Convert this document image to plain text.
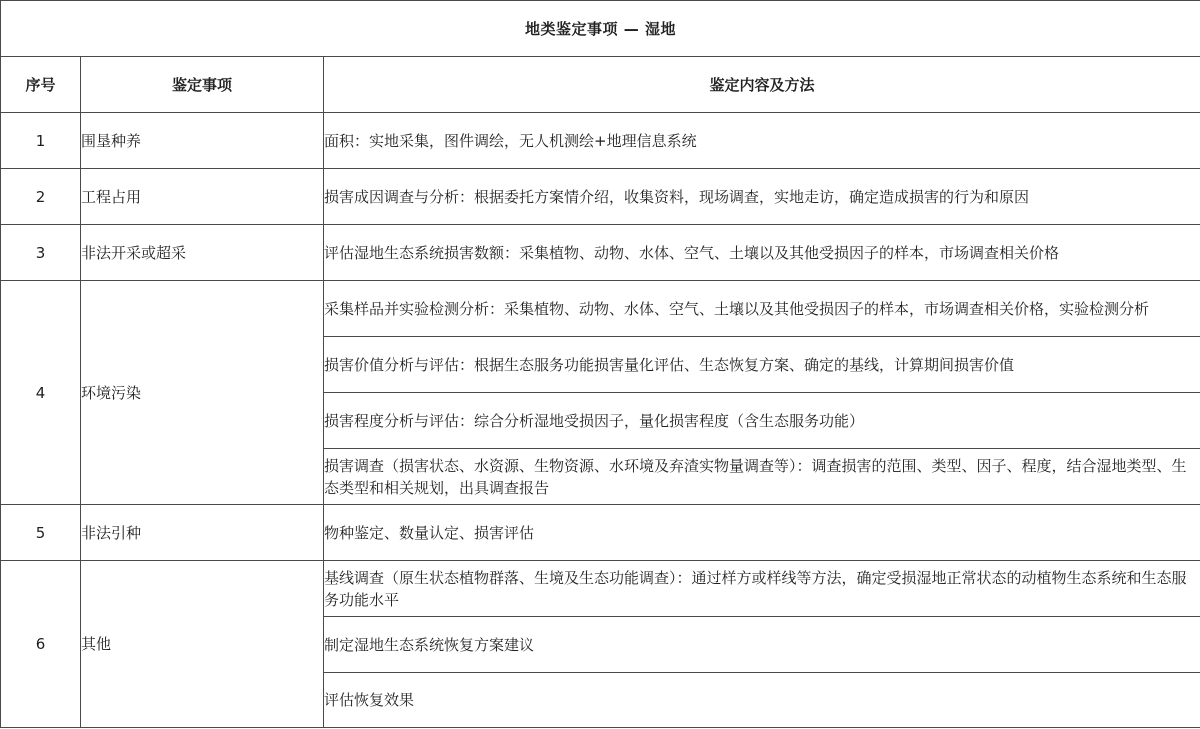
地类鉴定事项 — 湿地		
序号	鉴定事项	鉴定内容及方法
1	围垦种养	面积：实地采集，图件调绘，无人机测绘+地理信息系统
2	工程占用	损害成因调查与分析：根据委托方案情介绍，收集资料，现场调查，实地走访，确定造成损害的行为和原因
3	非法开采或超采	评估湿地生态系统损害数额：采集植物、动物、水体、空气、土壤以及其他受损因子的样本，市场调查相关价格
4	环境污染	采集样品并实验检测分析：采集植物、动物、水体、空气、土壤以及其他受损因子的样本，市场调查相关价格，实验检测分析
		损害价值分析与评估：根据生态服务功能损害量化评估、生态恢复方案、确定的基线，计算期间损害价值
		损害程度分析与评估：综合分析湿地受损因子，量化损害程度（含生态服务功能）
		损害调查（损害状态、水资源、生物资源、水环境及弃渣实物量调查等）：调查损害的范围、类型、因子、程度，结合湿地类型、生态类型和相关规划，出具调查报告
5	非法引种	物种鉴定、数量认定、损害评估
6	其他	基线调查（原生状态植物群落、生境及生态功能调查）：通过样方或样线等方法，确定受损湿地正常状态的动植物生态系统和生态服务功能水平
		制定湿地生态系统恢复方案建议
		评估恢复效果
